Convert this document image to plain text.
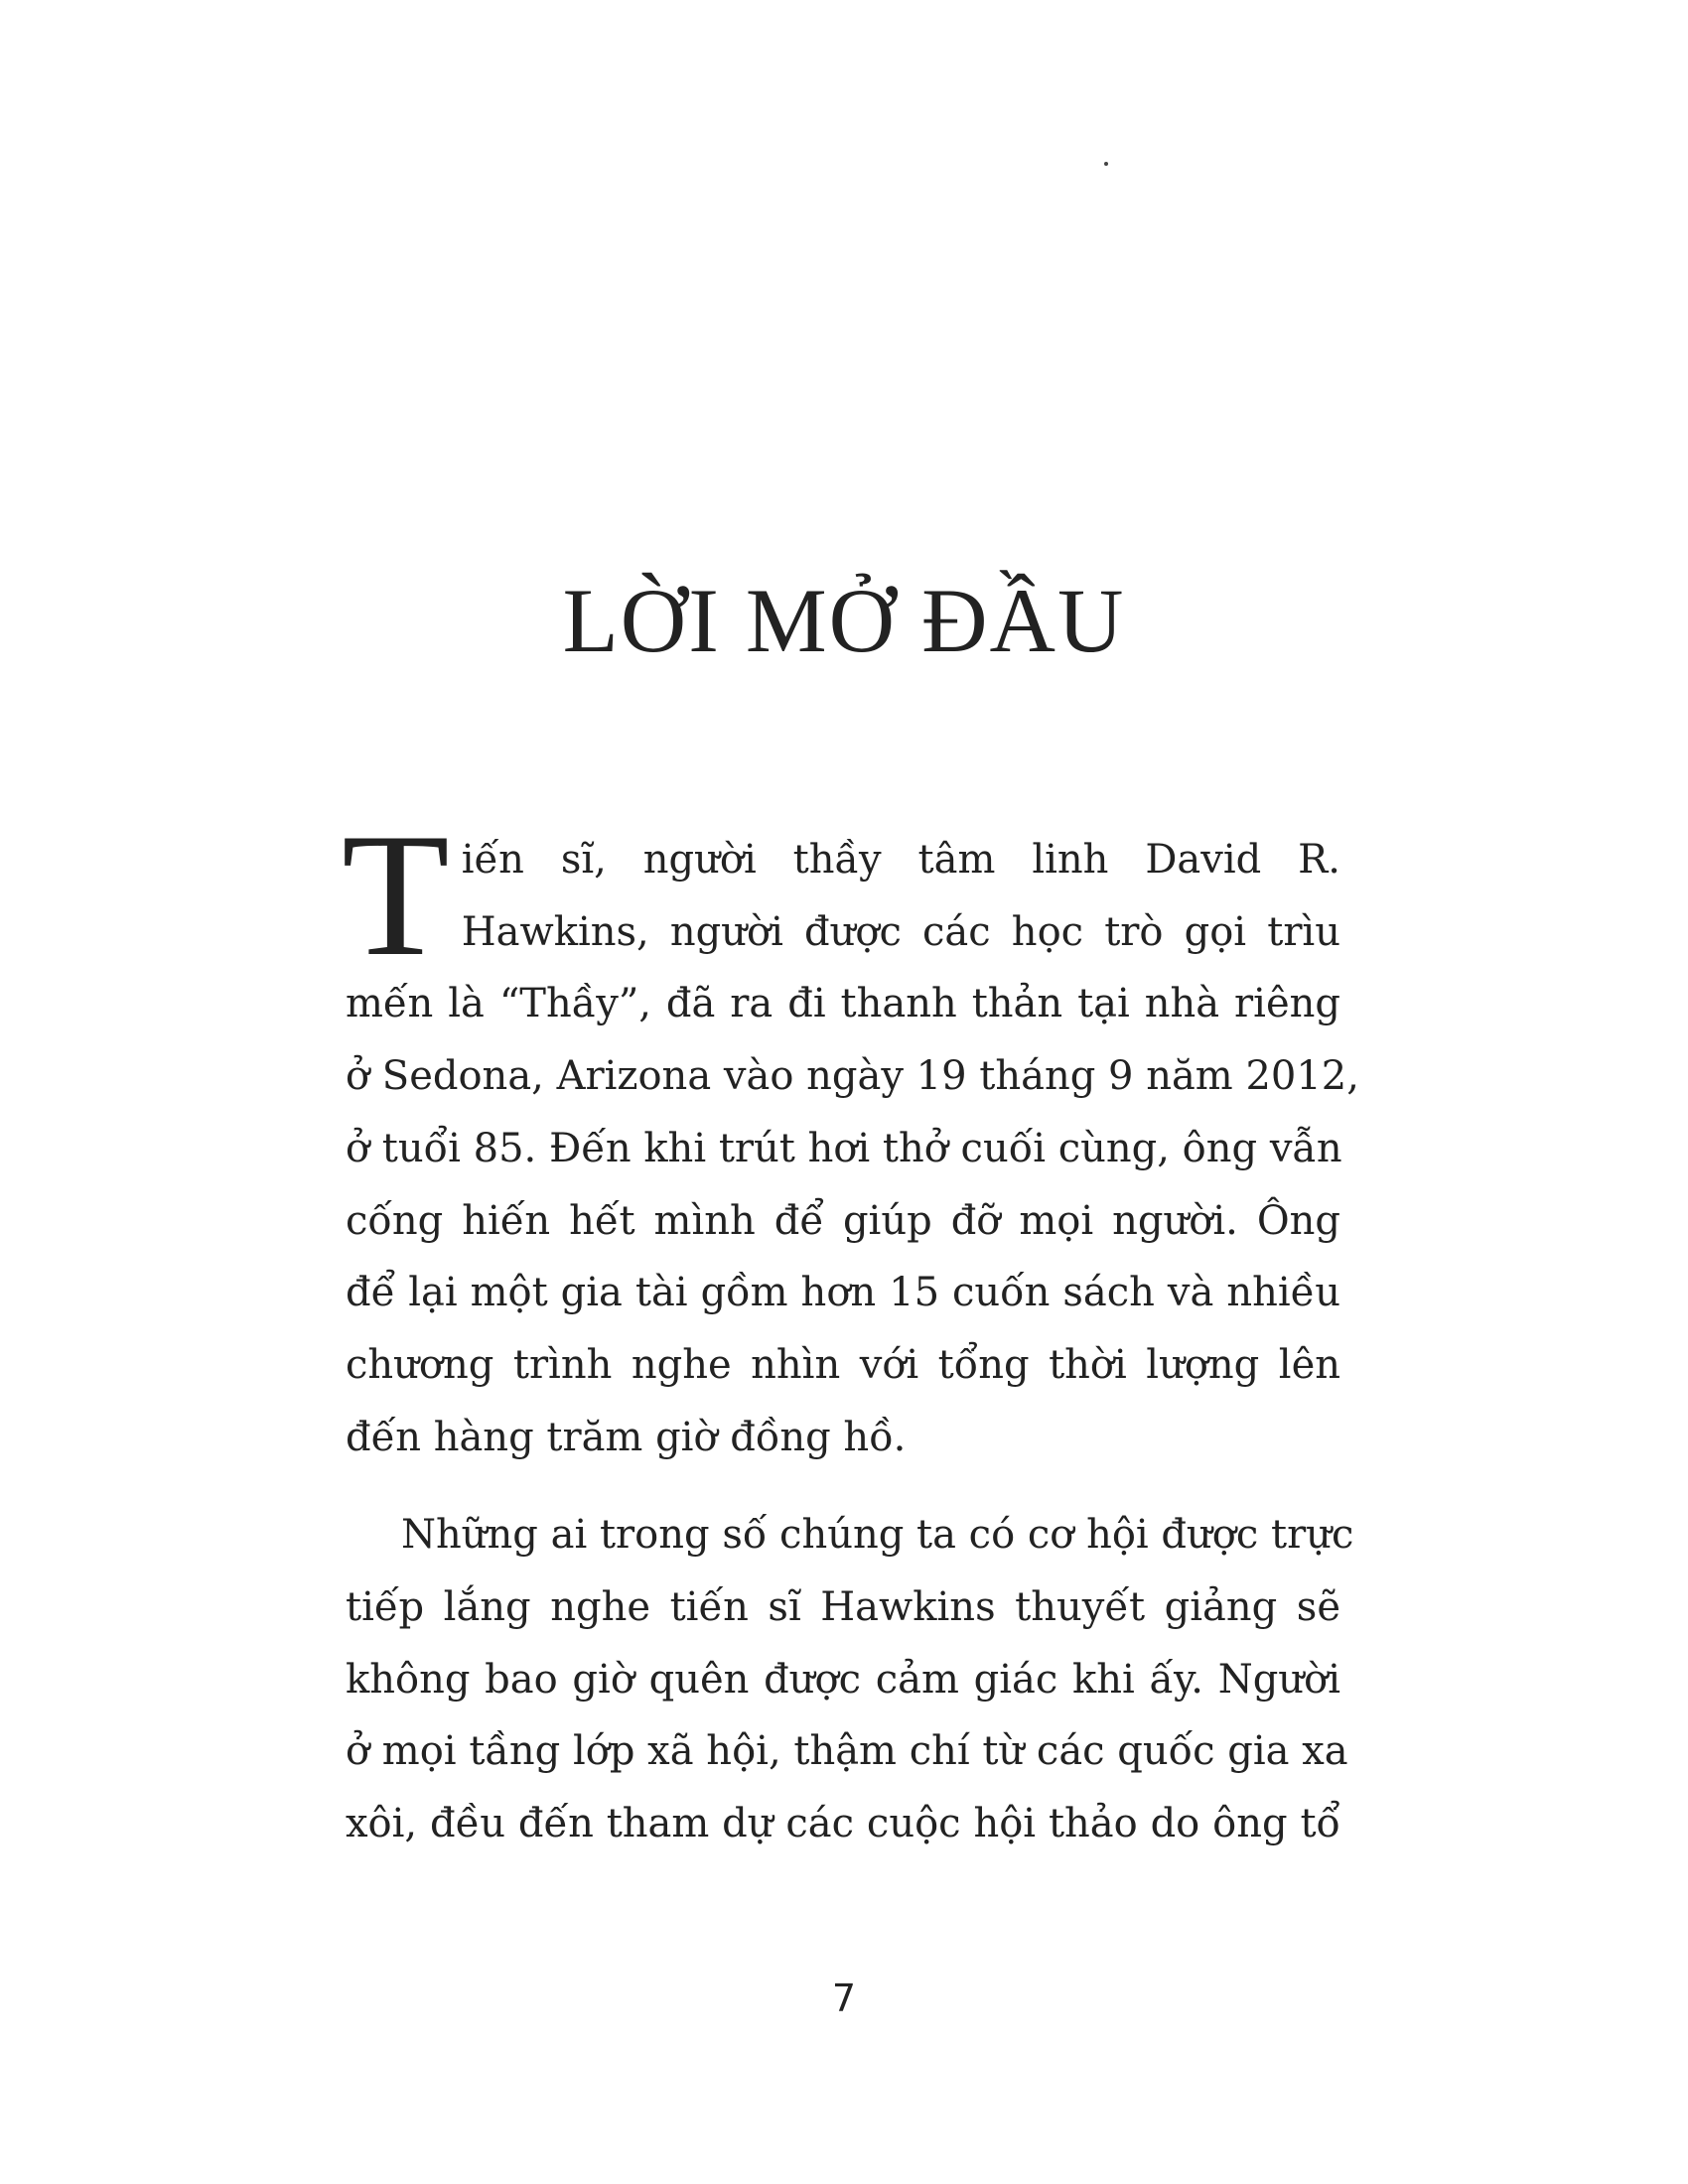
LỜI MỞ ĐẦU
T iến sĩ, người thầy tâm linh David R.
Hawkins, người được các học trò gọi trìu
mến là “Thầy”, đã ra đi thanh thản tại nhà riêng
ở Sedona, Arizona vào ngày 19 tháng 9 năm 2012,
ở tuổi 85. Đến khi trút hơi thở cuối cùng, ông vẫn
cống hiến hết mình để giúp đỡ mọi người. Ông
để lại một gia tài gồm hơn 15 cuốn sách và nhiều
chương trình nghe nhìn với tổng thời lượng lên
đến hàng trăm giờ đồng hồ.
Những ai trong số chúng ta có cơ hội được trực
tiếp lắng nghe tiến sĩ Hawkins thuyết giảng sẽ
không bao giờ quên được cảm giác khi ấy. Người
ở mọi tầng lớp xã hội, thậm chí từ các quốc gia xa
xôi, đều đến tham dự các cuộc hội thảo do ông tổ
7
